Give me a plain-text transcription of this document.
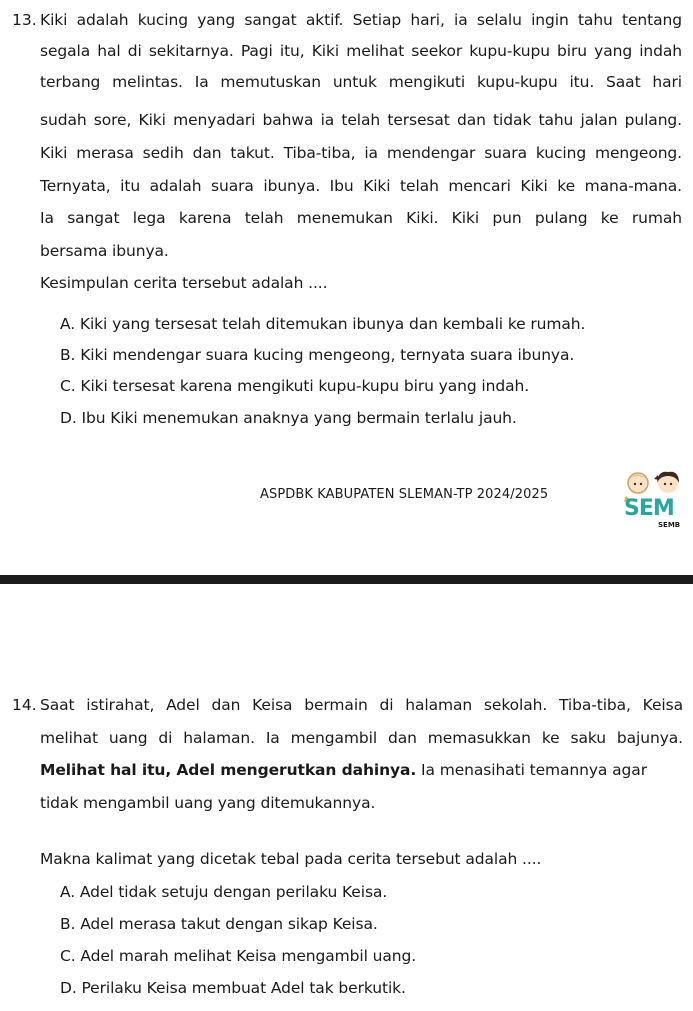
13. Kiki adalah kucing yang sangat aktif. Setiap hari, ia selalu ingin tahu tentang
segala hal di sekitarnya. Pagi itu, Kiki melihat seekor kupu-kupu biru yang indah
terbang melintas. Ia memutuskan untuk mengikuti kupu-kupu itu. Saat hari
sudah sore, Kiki menyadari bahwa ia telah tersesat dan tidak tahu jalan pulang.
Kiki merasa sedih dan takut. Tiba-tiba, ia mendengar suara kucing mengeong.
Ternyata, itu adalah suara ibunya. Ibu Kiki telah mencari Kiki ke mana-mana.
Ia sangat lega karena telah menemukan Kiki. Kiki pun pulang ke rumah
bersama ibunya.
Kesimpulan cerita tersebut adalah ....
A. Kiki yang tersesat telah ditemukan ibunya dan kembali ke rumah.
B. Kiki mendengar suara kucing mengeong, ternyata suara ibunya.
C. Kiki tersesat karena mengikuti kupu-kupu biru yang indah.
D. Ibu Kiki menemukan anaknya yang bermain terlalu jauh.
ASPDBK KABUPATEN SLEMAN-TP 2024/2025
SEM
SEMB
14. Saat istirahat, Adel dan Keisa bermain di halaman sekolah. Tiba-tiba, Keisa
melihat uang di halaman. Ia mengambil dan memasukkan ke saku bajunya.
Melihat hal itu, Adel mengerutkan dahinya. Ia menasihati temannya agar
tidak mengambil uang yang ditemukannya.
Makna kalimat yang dicetak tebal pada cerita tersebut adalah ....
A. Adel tidak setuju dengan perilaku Keisa.
B. Adel merasa takut dengan sikap Keisa.
C. Adel marah melihat Keisa mengambil uang.
D. Perilaku Keisa membuat Adel tak berkutik.
